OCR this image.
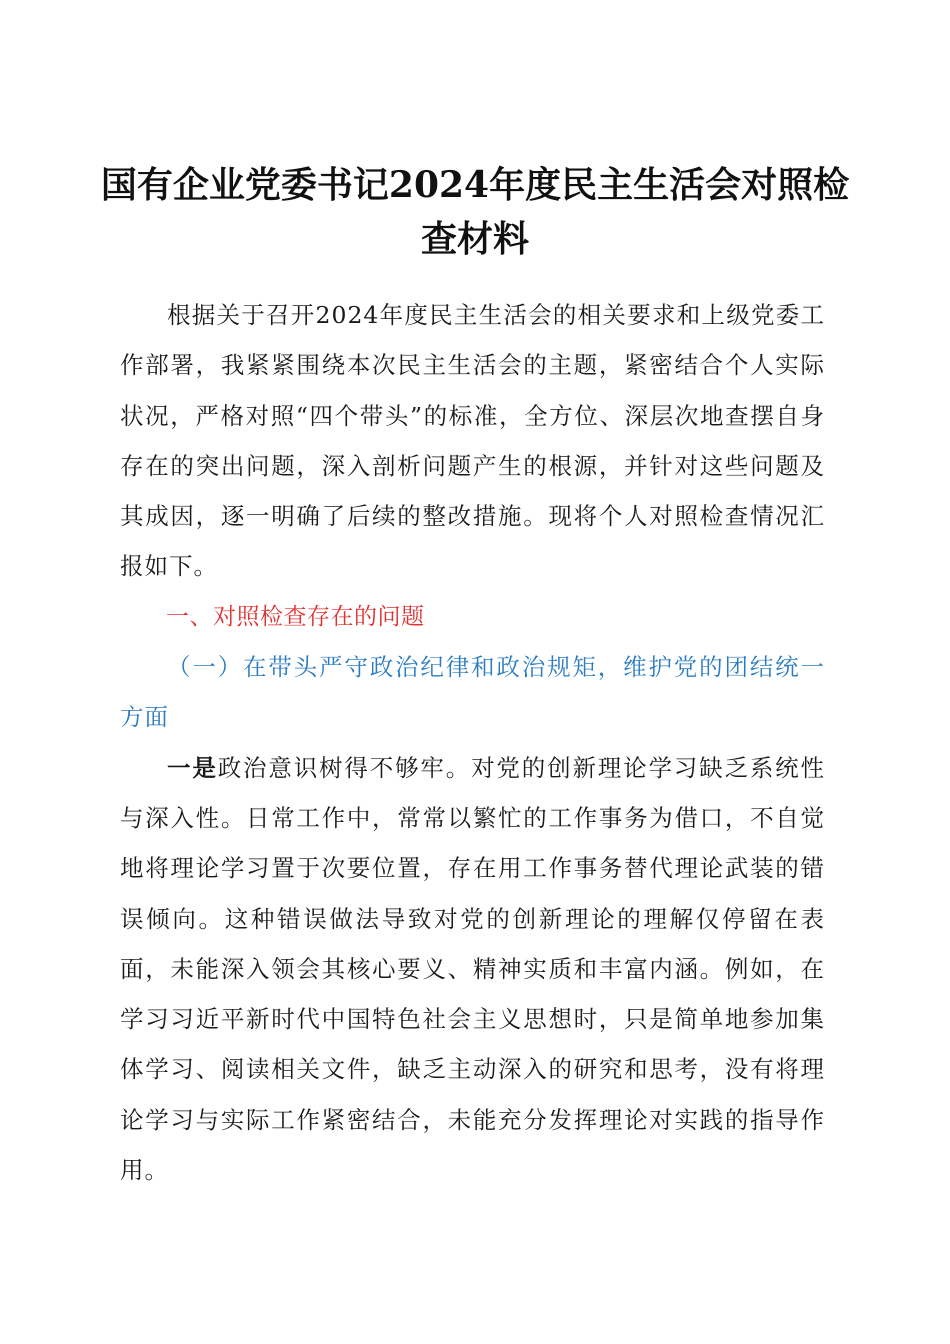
国有企业党委书记2024年度民主生活会对照检查材料

根据关于召开2024年度民主生活会的相关要求和上级党委工作部署，我紧紧围绕本次民主生活会的主题，紧密结合个人实际状况，严格对照“四个带头”的标准，全方位、深层次地查摆自身存在的突出问题，深入剖析问题产生的根源，并针对这些问题及其成因，逐一明确了后续的整改措施。现将个人对照检查情况汇报如下。

一、对照检查存在的问题

（一）在带头严守政治纪律和政治规矩，维护党的团结统一方面

一是政治意识树得不够牢。对党的创新理论学习缺乏系统性与深入性。日常工作中，常常以繁忙的工作事务为借口，不自觉地将理论学习置于次要位置，存在用工作事务替代理论武装的错误倾向。这种错误做法导致对党的创新理论的理解仅停留在表面，未能深入领会其核心要义、精神实质和丰富内涵。例如，在学习习近平新时代中国特色社会主义思想时，只是简单地参加集体学习、阅读相关文件，缺乏主动深入的研究和思考，没有将理论学习与实际工作紧密结合，未能充分发挥理论对实践的指导作用。
